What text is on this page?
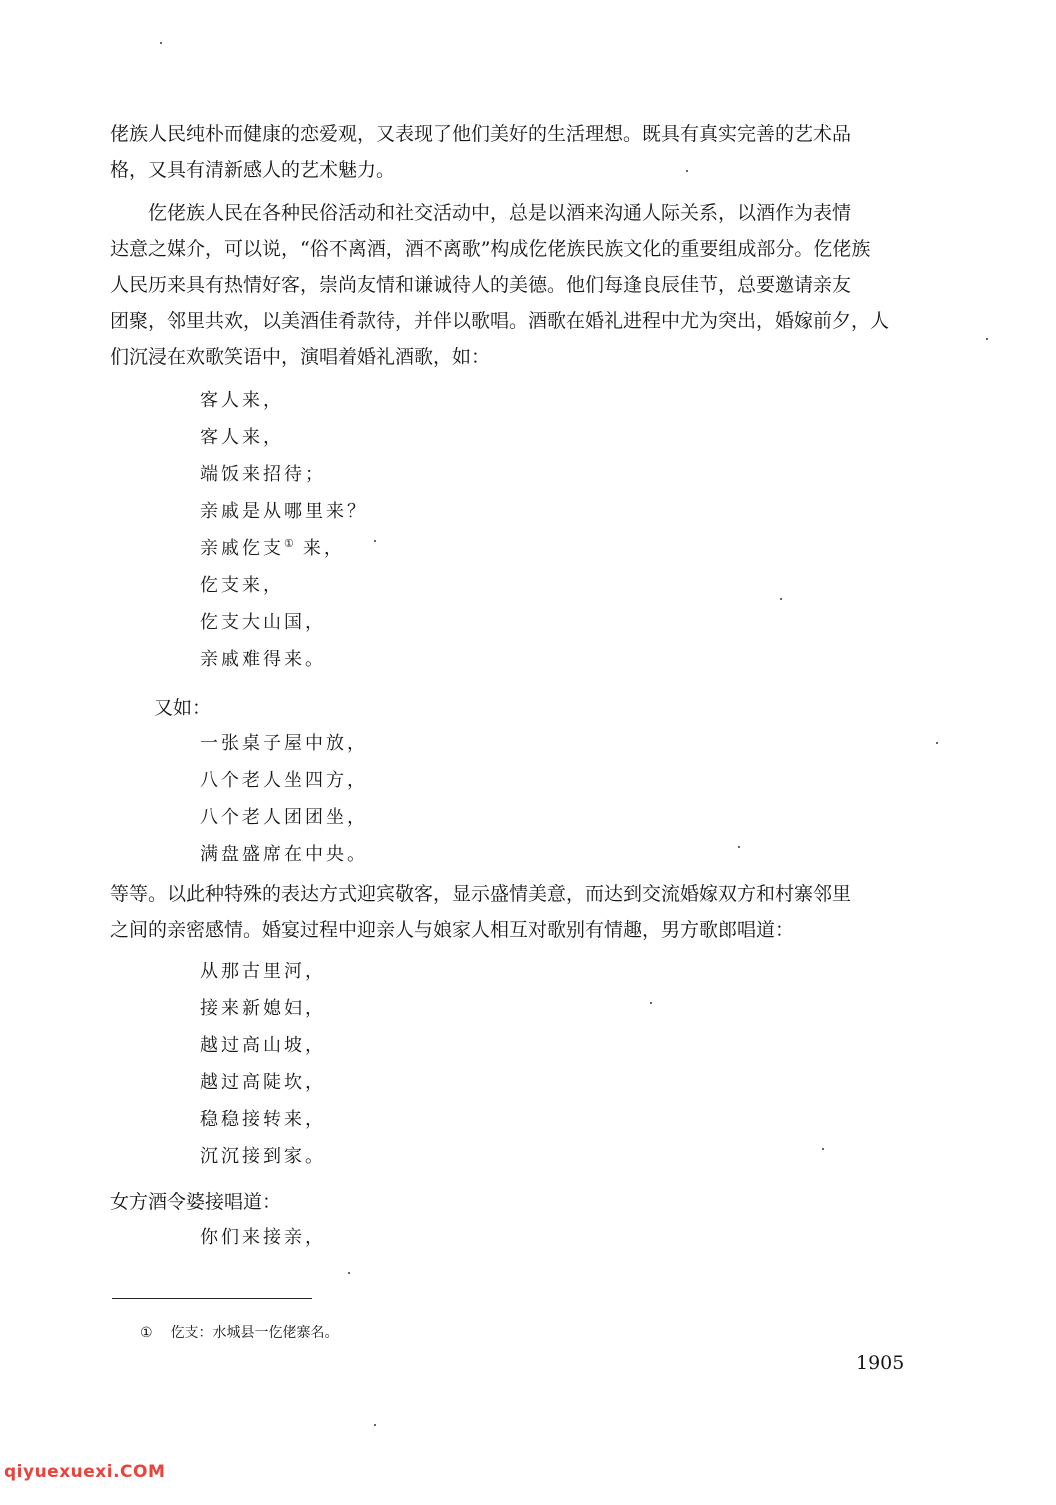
佬族人民纯朴而健康的恋爱观，又表现了他们美好的生活理想。既具有真实完善的艺术品
格，又具有清新感人的艺术魅力。
仡佬族人民在各种民俗活动和社交活动中，总是以酒来沟通人际关系，以酒作为表情
达意之媒介，可以说，“俗不离酒，酒不离歌”构成仡佬族民族文化的重要组成部分。仡佬族
人民历来具有热情好客，崇尚友情和谦诚待人的美德。他们每逢良辰佳节，总要邀请亲友
团聚，邻里共欢，以美酒佳肴款待，并伴以歌唱。酒歌在婚礼进程中尤为突出，婚嫁前夕，人
们沉浸在欢歌笑语中，演唱着婚礼酒歌，如：
客人来，
客人来，
端饭来招待；
亲戚是从哪里来？
亲戚仡支① 来，
仡支来，
仡支大山国，
亲戚难得来。
又如：
一张桌子屋中放，
八个老人坐四方，
八个老人团团坐，
满盘盛席在中央。
等等。以此种特殊的表达方式迎宾敬客，显示盛情美意，而达到交流婚嫁双方和村寨邻里
之间的亲密感情。婚宴过程中迎亲人与娘家人相互对歌别有情趣，男方歌郎唱道：
从那古里河，
接来新媳妇，
越过高山坡，
越过高陡坎，
稳稳接转来，
沉沉接到家。
女方酒令婆接唱道：
你们来接亲，
① 仡支：水城县一仡佬寨名。
1905
qiyuexuexi.COM
